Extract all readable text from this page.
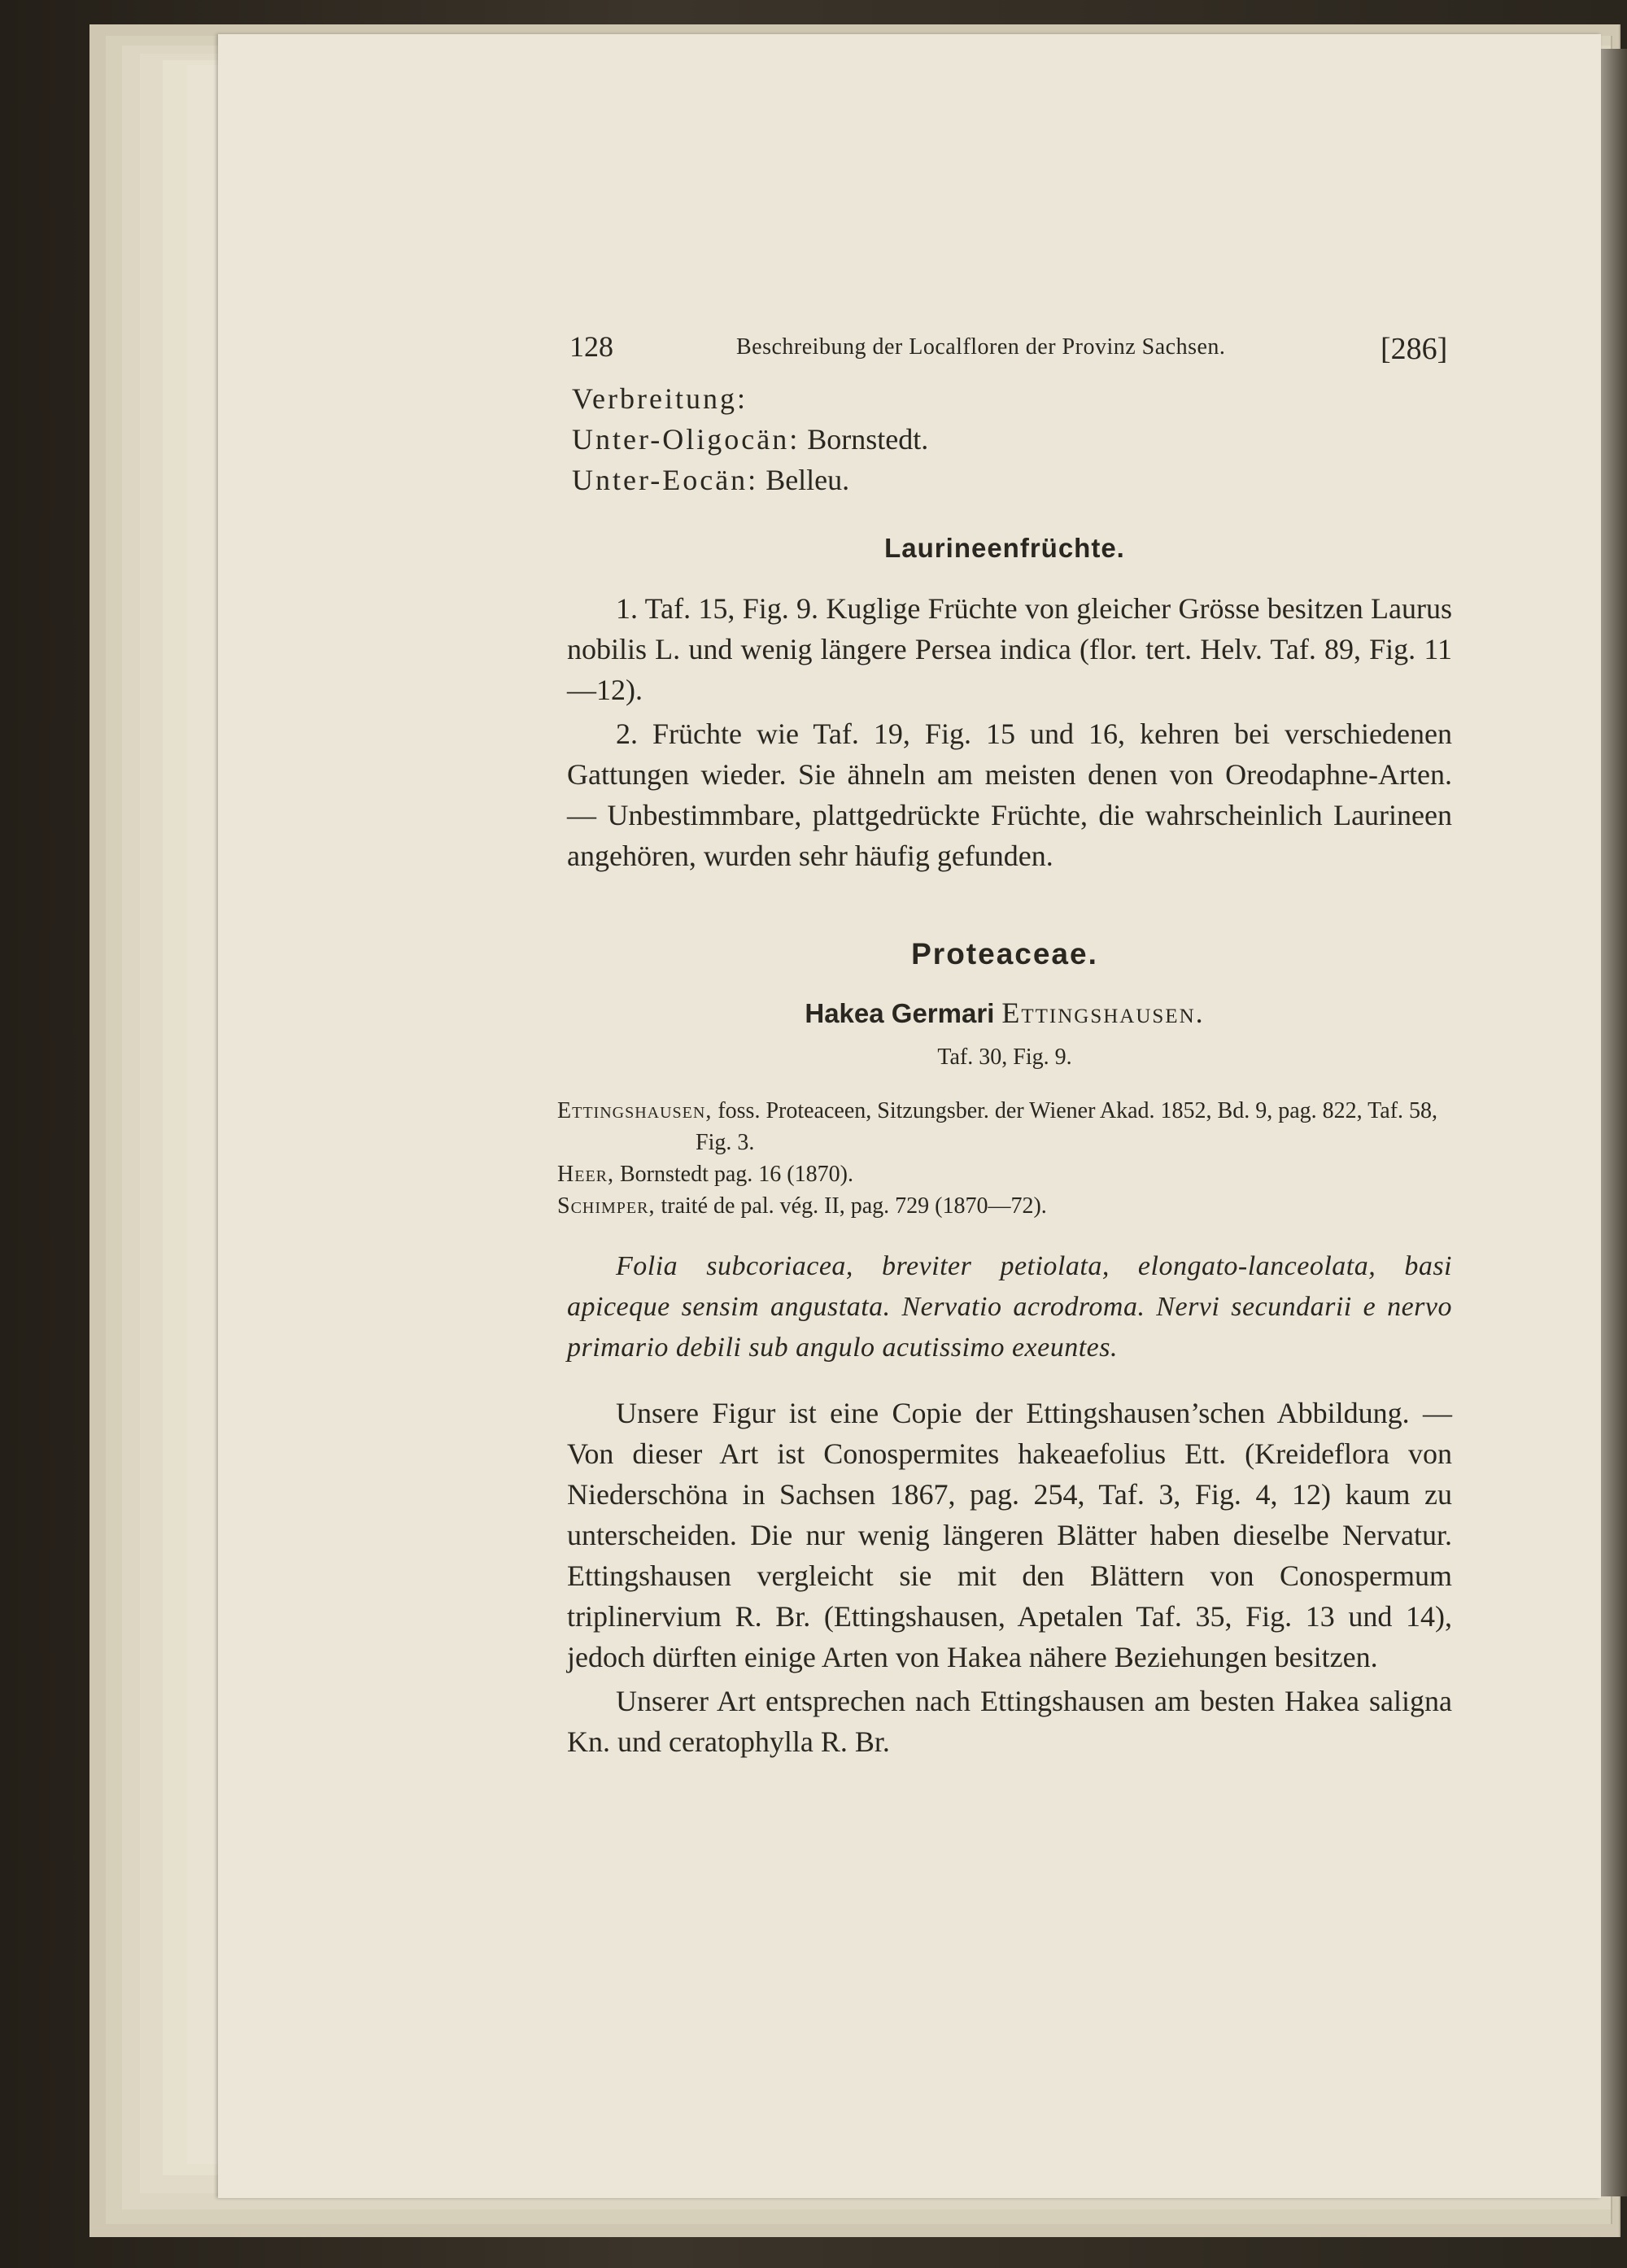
128	Beschreibung der Localfloren der Provinz Sachsen.	[286]
Verbreitung:
Unter-Oligocän: Bornstedt.
Unter-Eocän: Belleu.
Laurineenfrüchte.

1. Taf. 15, Fig. 9. Kuglige Früchte von gleicher Grösse besitzen Laurus nobilis L. und wenig längere Persea indica (flor. tert. Helv. Taf. 89, Fig. 11—12).

2. Früchte wie Taf. 19, Fig. 15 und 16, kehren bei verschiedenen Gattungen wieder. Sie ähneln am meisten denen von Oreodaphne-Arten. — Unbestimmbare, plattgedrückte Früchte, die wahrscheinlich Laurineen angehören, wurden sehr häufig gefunden.

Proteaceae.
Hakea Germari Ettingshausen.
Taf. 30, Fig. 9.
Ettingshausen, foss. Proteaceen, Sitzungsber. der Wiener Akad. 1852, Bd. 9, pag. 822, Taf. 58, Fig. 3.
Heer, Bornstedt pag. 16 (1870).
Schimper, traité de pal. vég. II, pag. 729 (1870—72).

Folia subcoriacea, breviter petiolata, elongato-lanceolata, basi apiceque sensim angustata. Nervatio acrodroma. Nervi secundarii e nervo primario debili sub angulo acutissimo exeuntes.

Unsere Figur ist eine Copie der Ettingshausen’schen Abbildung. — Von dieser Art ist Conospermites hakeaefolius Ett. (Kreideflora von Niederschöna in Sachsen 1867, pag. 254, Taf. 3, Fig. 4, 12) kaum zu unterscheiden. Die nur wenig längeren Blätter haben dieselbe Nervatur. Ettingshausen vergleicht sie mit den Blättern von Conospermum triplinervium R. Br. (Ettingshausen, Apetalen Taf. 35, Fig. 13 und 14), jedoch dürften einige Arten von Hakea nähere Beziehungen besitzen.

Unserer Art entsprechen nach Ettingshausen am besten Hakea saligna Kn. und ceratophylla R. Br.
